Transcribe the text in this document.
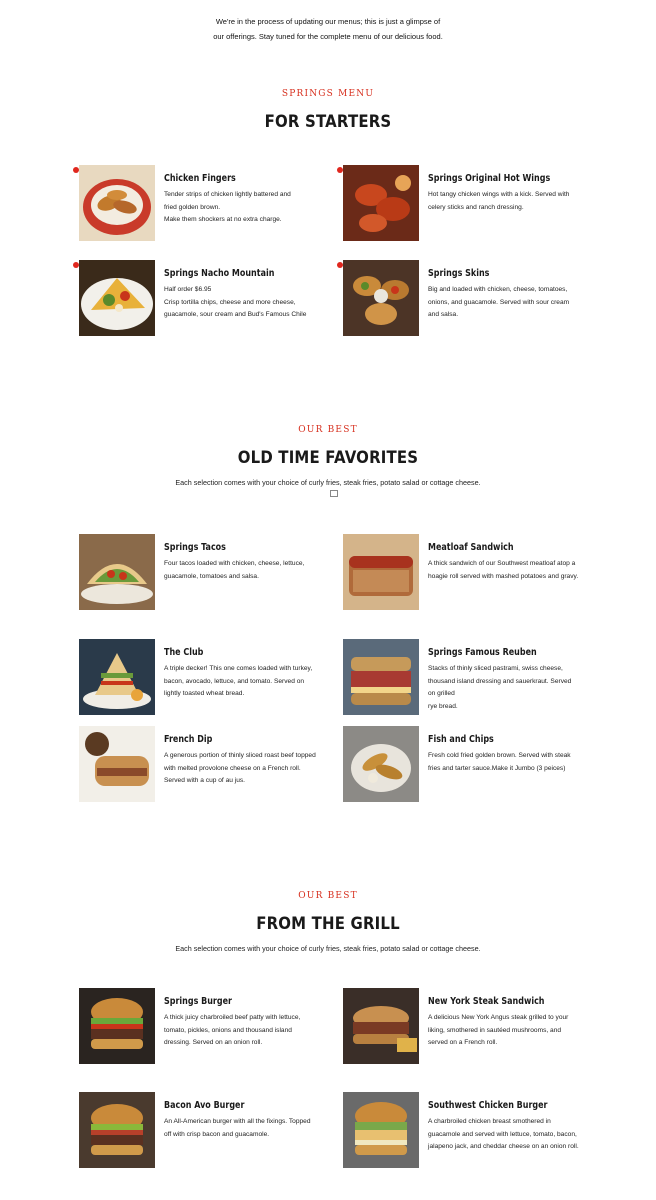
We're in the process of updating our menus; this is just a glimpse of
our offerings. Stay tuned for the complete menu of our delicious food.
SPRINGS MENU
FOR STARTERS
Chicken Fingers
Tender strips of chicken lightly battered and
fried golden brown.
Make them shockers at no extra charge.
Springs Original Hot Wings
Hot tangy chicken wings with a kick. Served with
celery sticks and ranch dressing.
Springs Nacho Mountain
Half order $6.95
Crisp tortilla chips, cheese and more cheese,
guacamole, sour cream and Bud's Famous Chile
Springs Skins
Big and loaded with chicken, cheese, tomatoes,
onions, and guacamole. Served with sour cream
and salsa.
OUR BEST
OLD TIME FAVORITES
Each selection comes with your choice of curly fries, steak fries, potato salad or cottage cheese.
Springs Tacos
Four tacos loaded with chicken, cheese, lettuce,
guacamole, tomatoes and salsa.
Meatloaf Sandwich
A thick sandwich of our Southwest meatloaf atop a
hoagie roll served with mashed potatoes and gravy.
The Club
A triple decker! This one comes loaded with turkey,
bacon, avocado, lettuce, and tomato. Served on
lightly toasted wheat bread.
Springs Famous Reuben
Stacks of thinly sliced pastrami, swiss cheese,
thousand island dressing and sauerkraut. Served
on grilled
rye bread.
French Dip
A generous portion of thinly sliced roast beef topped
with melted provolone cheese on a French roll.
Served with a cup of au jus.
Fish and Chips
Fresh cold fried golden brown. Served with steak
fries and tarter sauce.Make it Jumbo (3 peices)
OUR BEST
FROM THE GRILL
Each selection comes with your choice of curly fries, steak fries, potato salad or cottage cheese.
Springs Burger
A thick juicy charbroiled beef patty with lettuce,
tomato, pickles, onions and thousand island
dressing. Served on an onion roll.
New York Steak Sandwich
A delicious New York Angus steak grilled to your
liking, smothered in sautéed mushrooms, and
served on a French roll.
Bacon Avo Burger
An All-American burger with all the fixings. Topped
off with crisp bacon and guacamole.
Southwest Chicken Burger
A charbroiled chicken breast smothered in
guacamole and served with lettuce, tomato, bacon,
jalapeno jack, and cheddar cheese on an onion roll.
